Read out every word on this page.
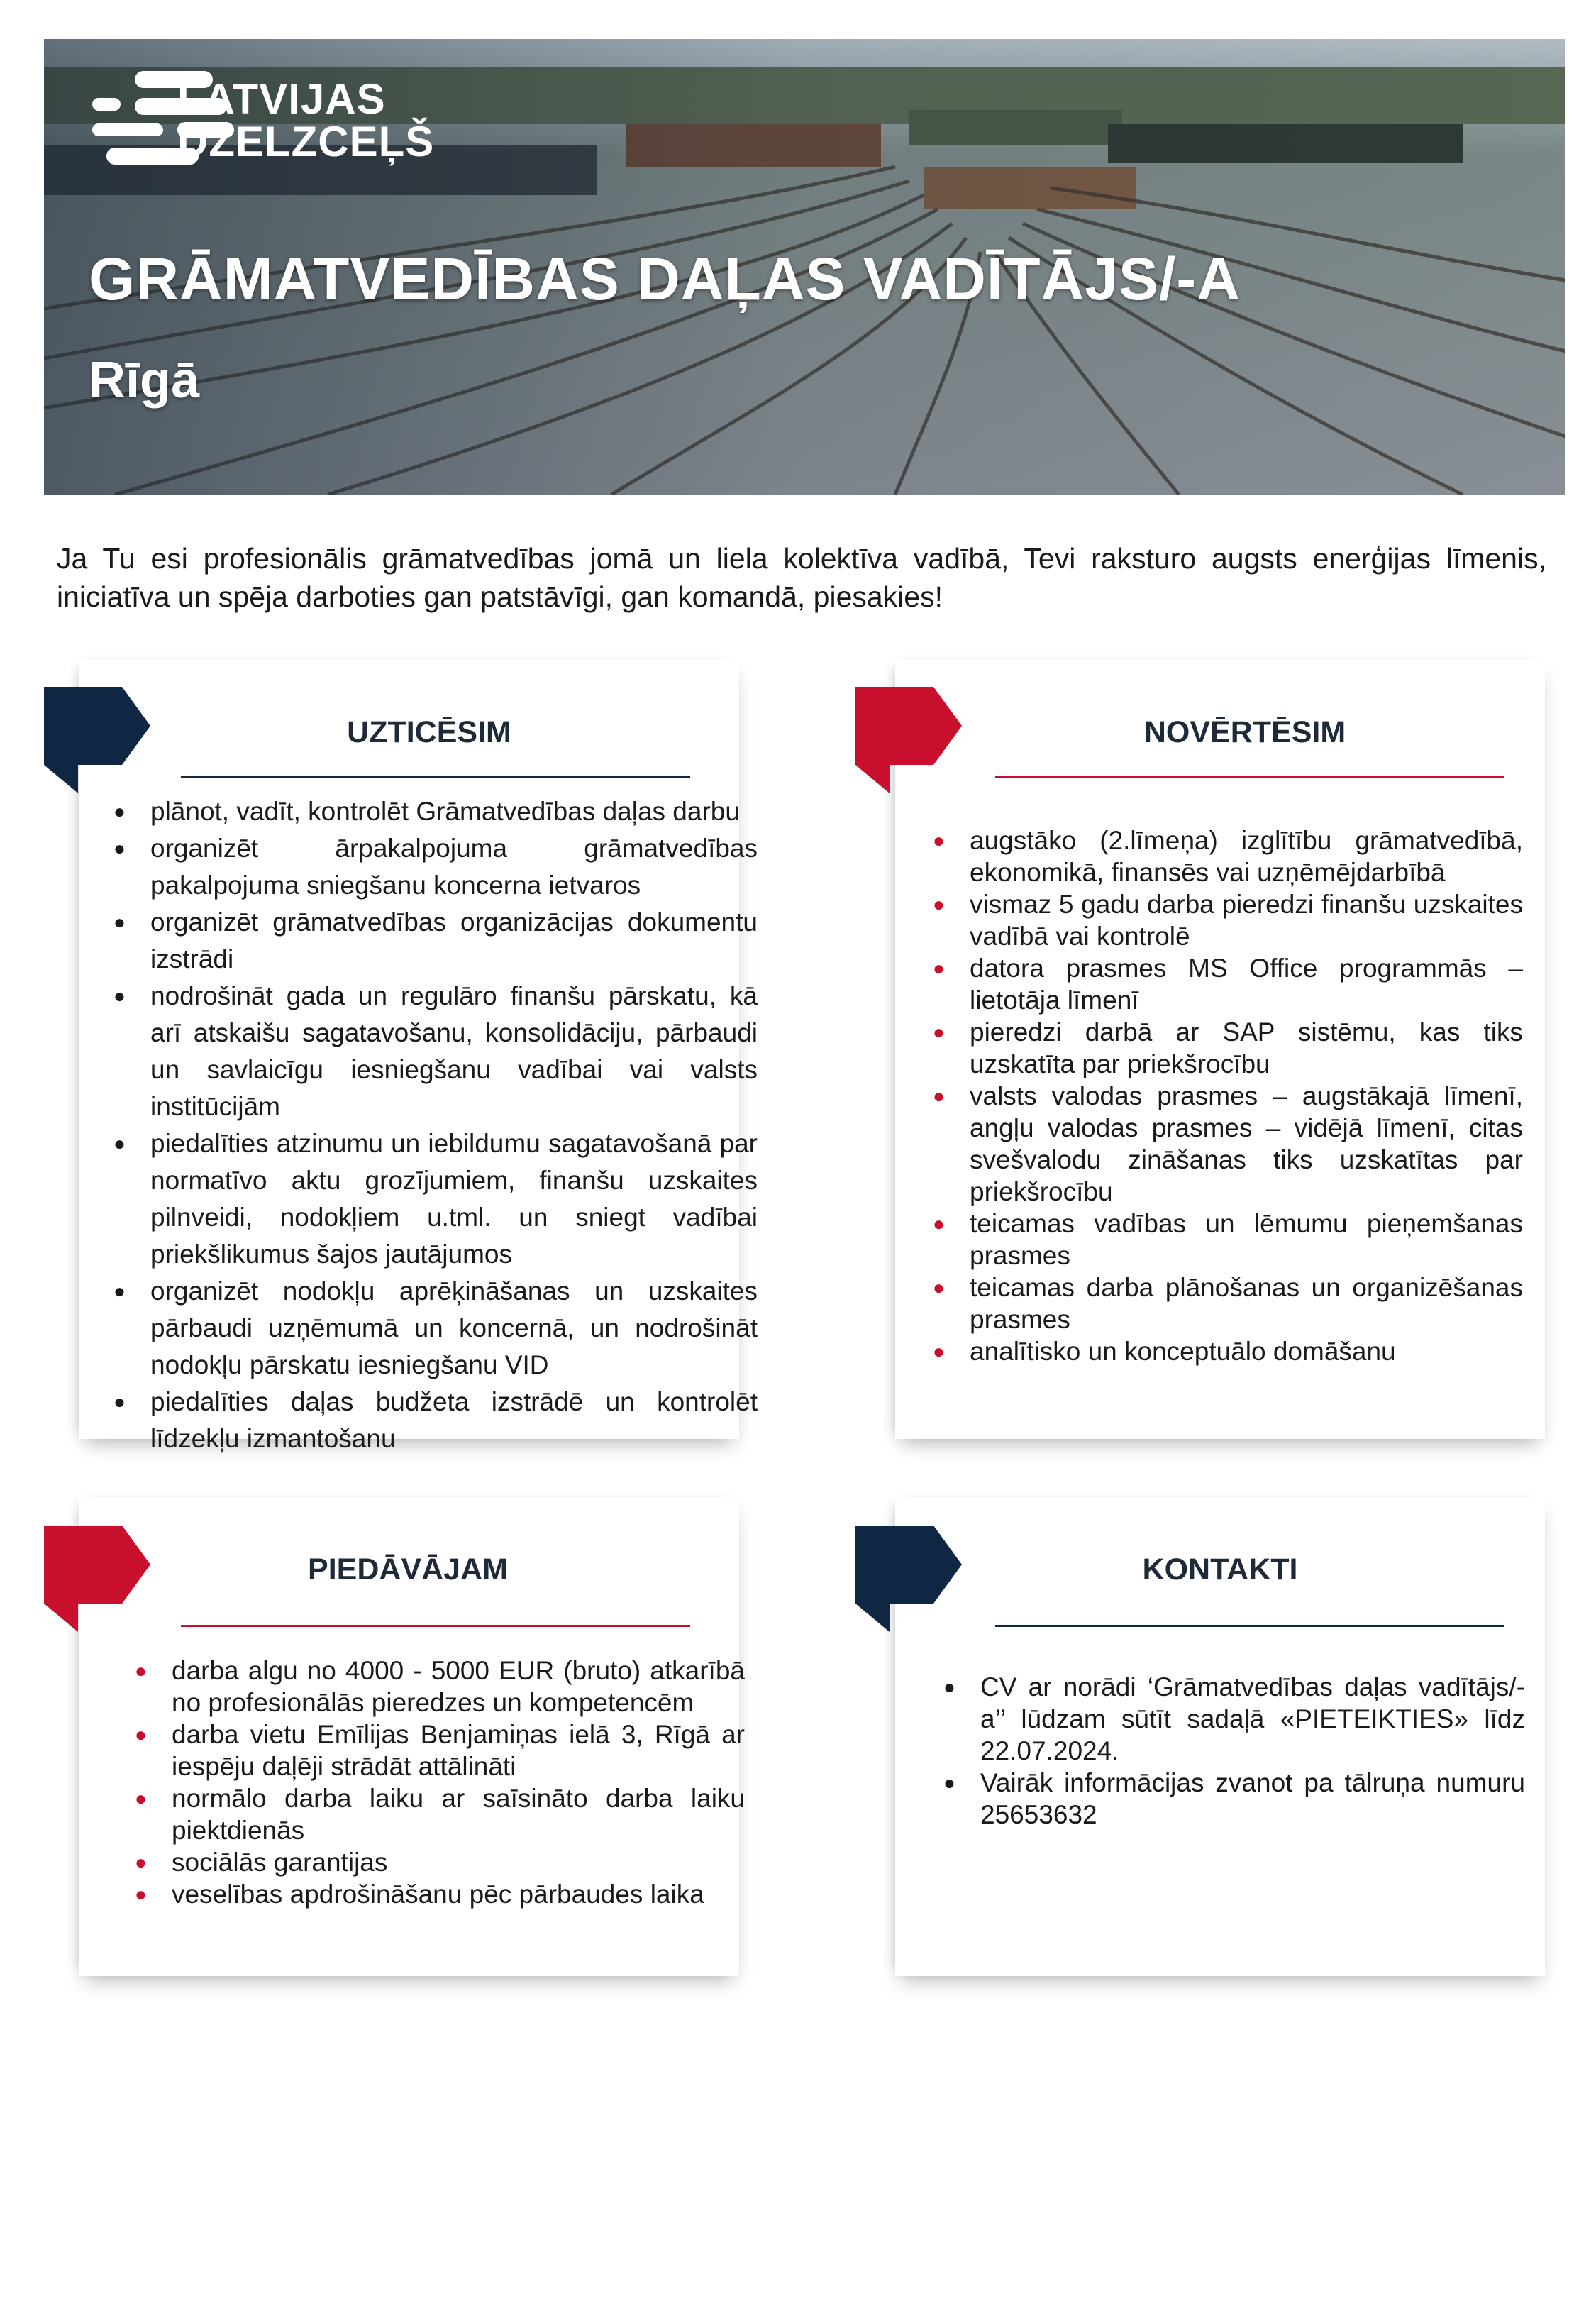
LATVIJAS
DZELZCEĻŠ
GRĀMATVEDĪBAS DAĻAS VADĪTĀJS/-A
Rīgā
Ja Tu esi profesionālis grāmatvedības jomā un liela kolektīva vadībā, Tevi raksturo augsts enerģijas līmenis, iniciatīva un spēja darboties gan patstāvīgi, gan komandā, piesakies!
UZTICĒSIM
● plānot, vadīt, kontrolēt Grāmatvedības daļas darbu
● organizēt ārpakalpojuma grāmatvedības pakalpojuma sniegšanu koncerna ietvaros
● organizēt grāmatvedības organizācijas dokumentu izstrādi
● nodrošināt gada un regulāro finanšu pārskatu, kā arī atskaišu sagatavošanu, konsolidāciju, pārbaudi un savlaicīgu iesniegšanu vadībai vai valsts institūcijām
● piedalīties atzinumu un iebildumu sagatavošanā par normatīvo aktu grozījumiem, finanšu uzskaites pilnveidi, nodokļiem u.tml. un sniegt vadībai priekšlikumus šajos jautājumos
● organizēt nodokļu aprēķināšanas un uzskaites pārbaudi uzņēmumā un koncernā, un nodrošināt nodokļu pārskatu iesniegšanu VID
● piedalīties daļas budžeta izstrādē un kontrolēt līdzekļu izmantošanu
NOVĒRTĒSIM
● augstāko (2.līmeņa) izglītību grāmatvedībā, ekonomikā, finansēs vai uzņēmējdarbībā
● vismaz 5 gadu darba pieredzi finanšu uzskaites vadībā vai kontrolē
● datora prasmes MS Office programmās – lietotāja līmenī
● pieredzi darbā ar SAP sistēmu, kas tiks uzskatīta par priekšrocību
● valsts valodas prasmes – augstākajā līmenī, angļu valodas prasmes – vidējā līmenī, citas svešvalodu zināšanas tiks uzskatītas par priekšrocību
● teicamas vadības un lēmumu pieņemšanas prasmes
● teicamas darba plānošanas un organizēšanas prasmes
● analītisko un konceptuālo domāšanu
PIEDĀVĀJAM
● darba algu no 4000 - 5000 EUR (bruto) atkarībā no profesionālās pieredzes un kompetencēm
● darba vietu Emīlijas Benjamiņas ielā 3, Rīgā ar iespēju daļēji strādāt attālināti
● normālo darba laiku ar saīsināto darba laiku piektdienās
● sociālās garantijas
● veselības apdrošināšanu pēc pārbaudes laika
KONTAKTI
● CV ar norādi ‘Grāmatvedības daļas vadītājs/-a’’ lūdzam sūtīt sadaļā «PIETEIKTIES» līdz 22.07.2024.
● Vairāk informācijas zvanot pa tālruņa numuru 25653632
